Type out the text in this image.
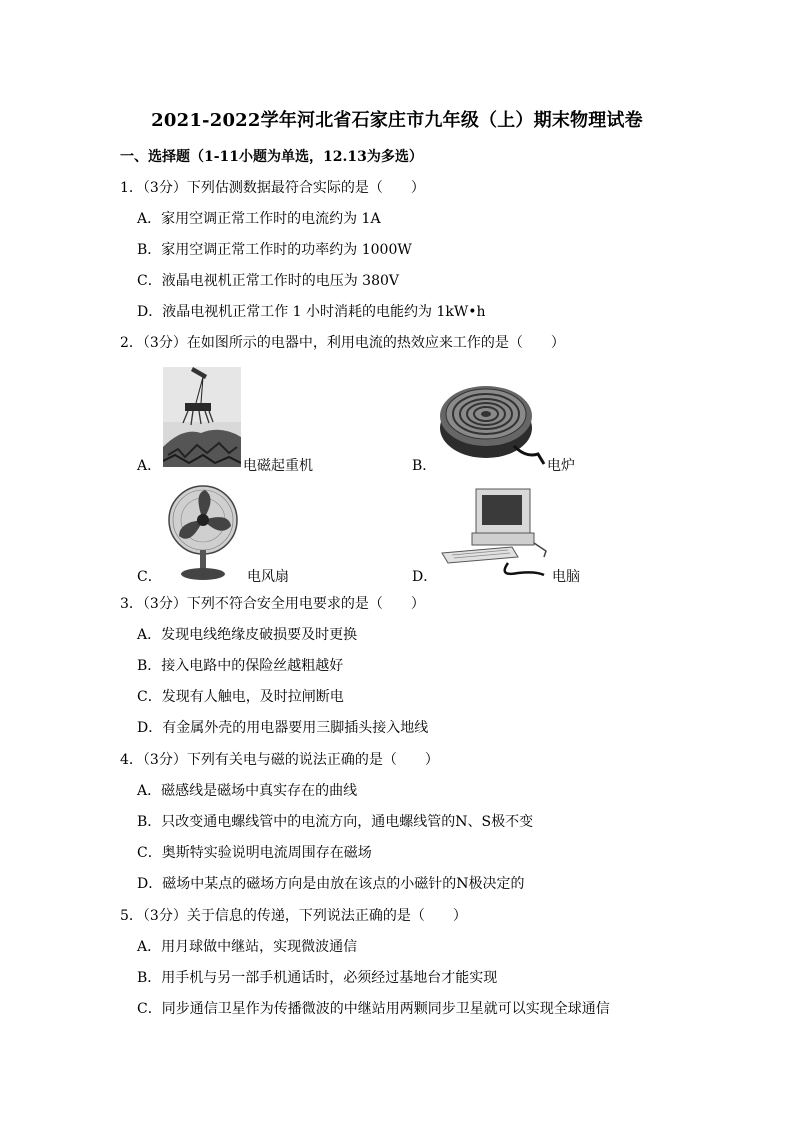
2021-2022学年河北省石家庄市九年级（上）期末物理试卷
一、选择题（1-11小题为单选，12.13为多选）
1．（3分）下列估测数据最符合实际的是（　　）
A．家用空调正常工作时的电流约为 1A
B．家用空调正常工作时的功率约为 1000W
C．液晶电视机正常工作时的电压为 380V
D．液晶电视机正常工作 1 小时消耗的电能约为 1kW•h
2．（3分）在如图所示的电器中，利用电流的热效应来工作的是（　　）
A．	电磁起重机	B．	电炉
C．	电风扇	D．	电脑
3．（3分）下列不符合安全用电要求的是（　　）
A．发现电线绝缘皮破损要及时更换
B．接入电路中的保险丝越粗越好
C．发现有人触电，及时拉闸断电
D．有金属外壳的用电器要用三脚插头接入地线
4．（3分）下列有关电与磁的说法正确的是（　　）
A．磁感线是磁场中真实存在的曲线
B．只改变通电螺线管中的电流方向，通电螺线管的N、S极不变
C．奥斯特实验说明电流周围存在磁场
D．磁场中某点的磁场方向是由放在该点的小磁针的N极决定的
5．（3分）关于信息的传递，下列说法正确的是（　　）
A．用月球做中继站，实现微波通信
B．用手机与另一部手机通话时，必须经过基地台才能实现
C．同步通信卫星作为传播微波的中继站用两颗同步卫星就可以实现全球通信
